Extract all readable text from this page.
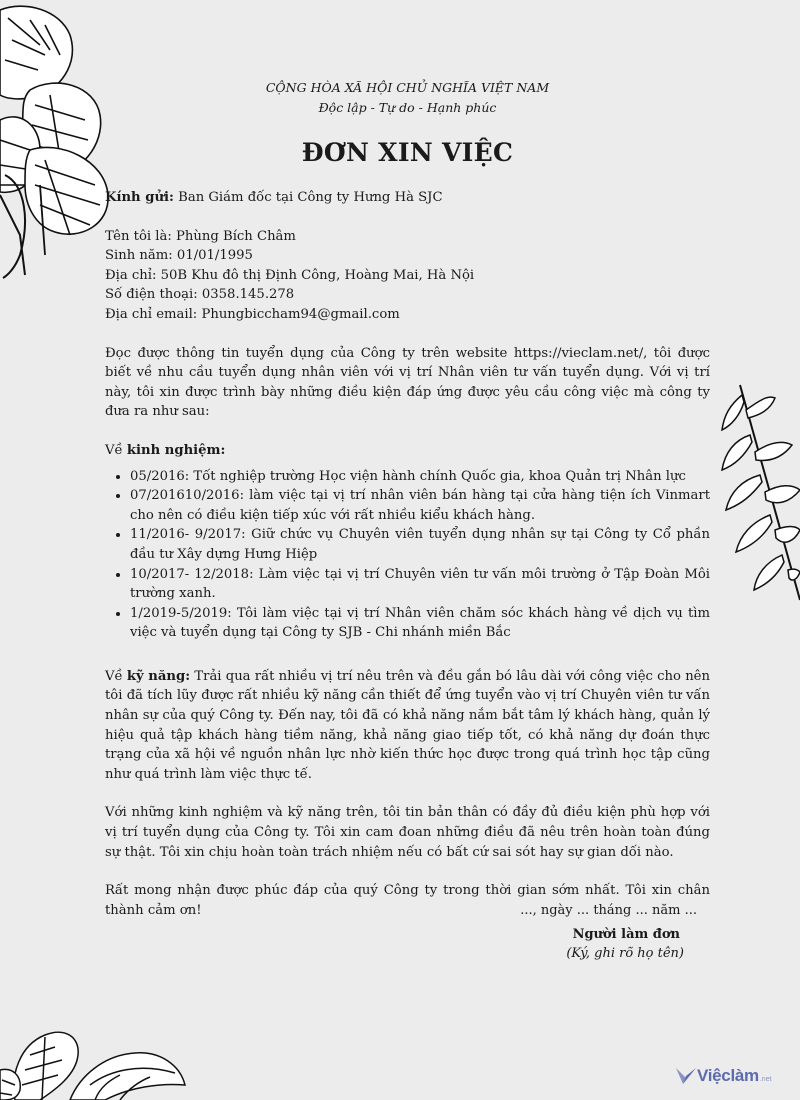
CỘNG HÒA XÃ HỘI CHỦ NGHĨA VIỆT NAM
Độc lập - Tự do - Hạnh phúc
ĐƠN XIN VIỆC

Kính gửi: Ban Giám đốc tại Công ty Hưng Hà SJC

Tên tôi là: Phùng Bích Châm

Sinh năm: 01/01/1995

Địa chỉ: 50B Khu đô thị Định Công, Hoàng Mai, Hà Nội

Số điện thoại: 0358.145.278

Địa chỉ email: Phungbiccham94@gmail.com

Đọc được thông tin tuyển dụng của Công ty trên website https://vieclam.net/, tôi được biết về nhu cầu tuyển dụng nhân viên với vị trí Nhân viên tư vấn tuyển dụng. Với vị trí này, tôi xin được trình bày những điều kiện đáp ứng được yêu cầu công việc mà công ty đưa ra như sau:

Về kinh nghiệm:

• 05/2016: Tốt nghiệp trường Học viện hành chính Quốc gia, khoa Quản trị Nhân lực
• 07/201610/2016: làm việc tại vị trí nhân viên bán hàng tại cửa hàng tiện ích Vinmart cho nên có điều kiện tiếp xúc với rất nhiều kiểu khách hàng.
• 11/2016- 9/2017: Giữ chức vụ Chuyên viên tuyển dụng nhân sự tại Công ty Cổ phần đầu tư Xây dựng Hưng Hiệp
• 10/2017- 12/2018: Làm việc tại vị trí Chuyên viên tư vấn môi trường ở Tập Đoàn Môi trường xanh.
• 1/2019-5/2019: Tôi làm việc tại vị trí Nhân viên chăm sóc khách hàng về dịch vụ tìm việc và tuyển dụng tại Công ty SJB - Chi nhánh miền Bắc

Về kỹ năng: Trải qua rất nhiều vị trí nêu trên và đều gắn bó lâu dài với công việc cho nên tôi đã tích lũy được rất nhiều kỹ năng cần thiết để ứng tuyển vào vị trí Chuyên viên tư vấn nhân sự của quý Công ty. Đến nay, tôi đã có khả năng nắm bắt tâm lý khách hàng, quản lý hiệu quả tập khách hàng tiềm năng, khả năng giao tiếp tốt, có khả năng dự đoán thực trạng của xã hội về nguồn nhân lực nhờ kiến thức học được trong quá trình học tập cũng như quá trình làm việc thực tế.

Với những kinh nghiệm và kỹ năng trên, tôi tin bản thân có đầy đủ điều kiện phù hợp với vị trí tuyển dụng của Công ty. Tôi xin cam đoan những điều đã nêu trên hoàn toàn đúng sự thật. Tôi xin chịu hoàn toàn trách nhiệm nếu có bất cứ sai sót hay sự gian dối nào.

Rất mong nhận được phúc đáp của quý Công ty trong thời gian sớm nhất. Tôi xin chân thành cảm ơn!	..., ngày ... tháng ... năm ...
Người làm đơn
(Ký, ghi rõ họ tên)
Việclàm .net
